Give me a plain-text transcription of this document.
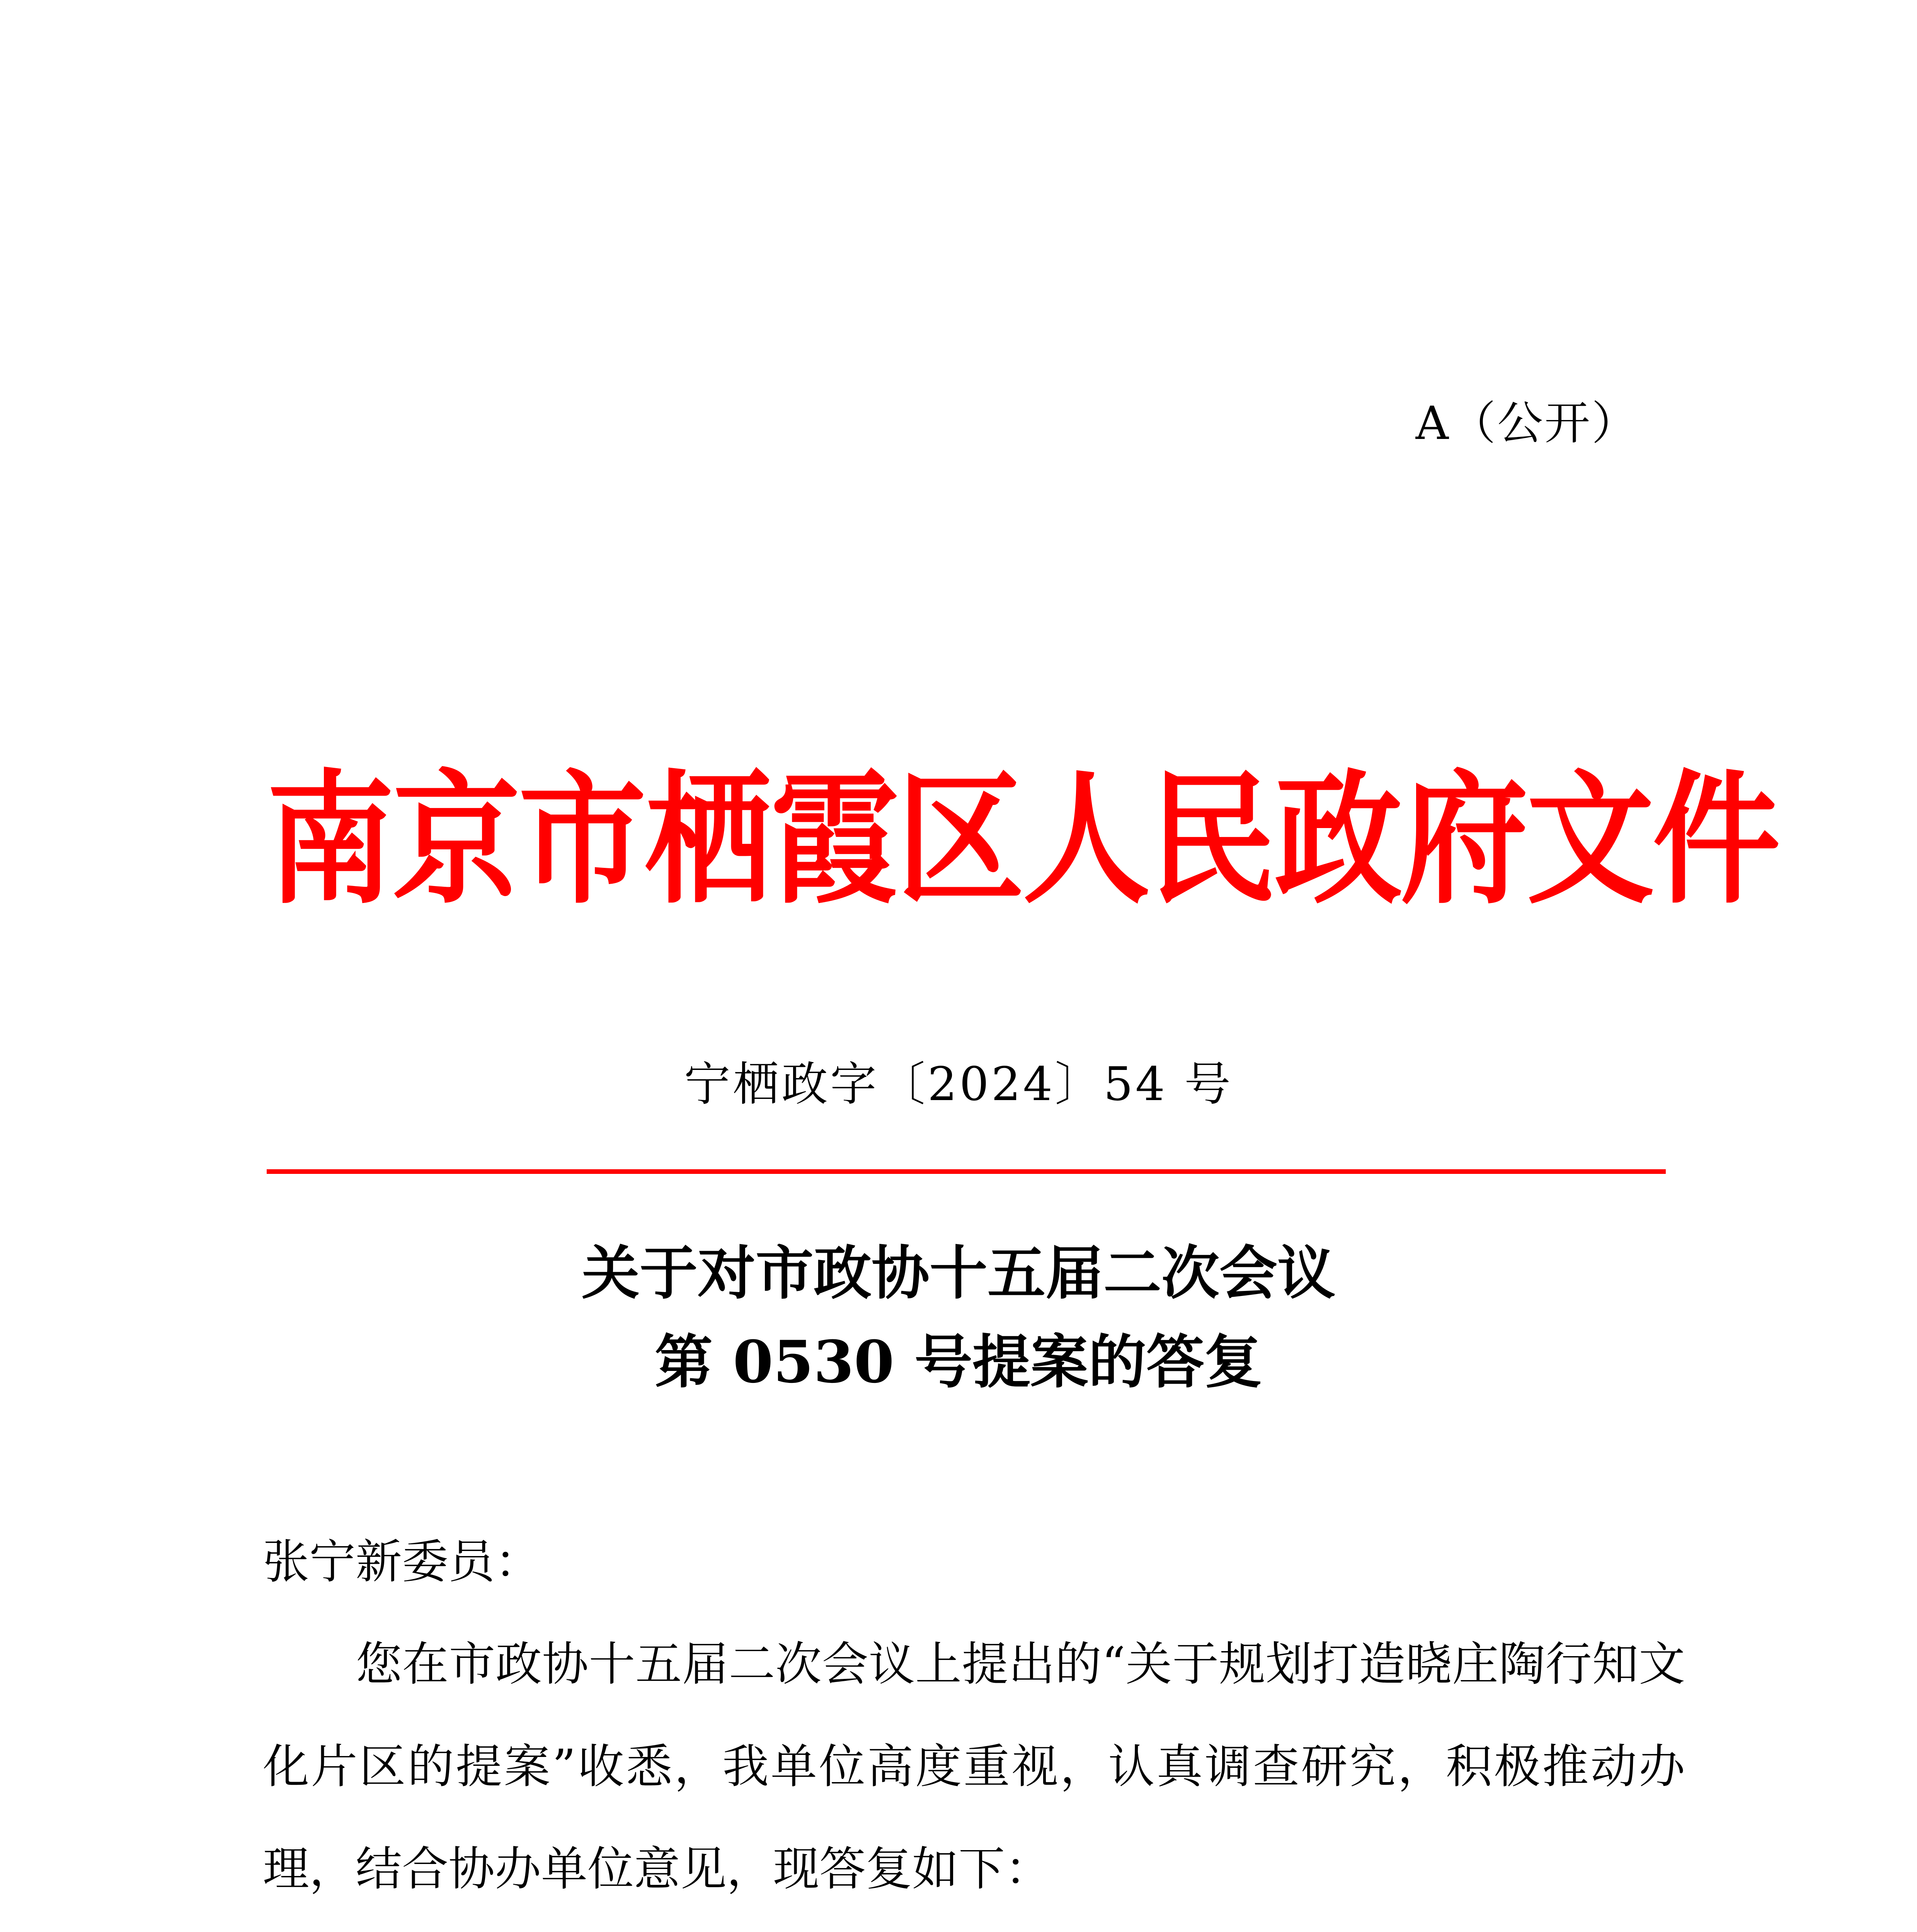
A（公开）
南京市栖霞区人民政府文件
宁栖政字〔2024〕54 号
关于对市政协十五届二次会议
第 0530 号提案的答复

张宁新委员：

您在市政协十五届二次会议上提出的“关于规划打造晓庄陶行知文化片区的提案”收悉，我单位高度重视，认真调查研究，积极推动办理，结合协办单位意见，现答复如下：
